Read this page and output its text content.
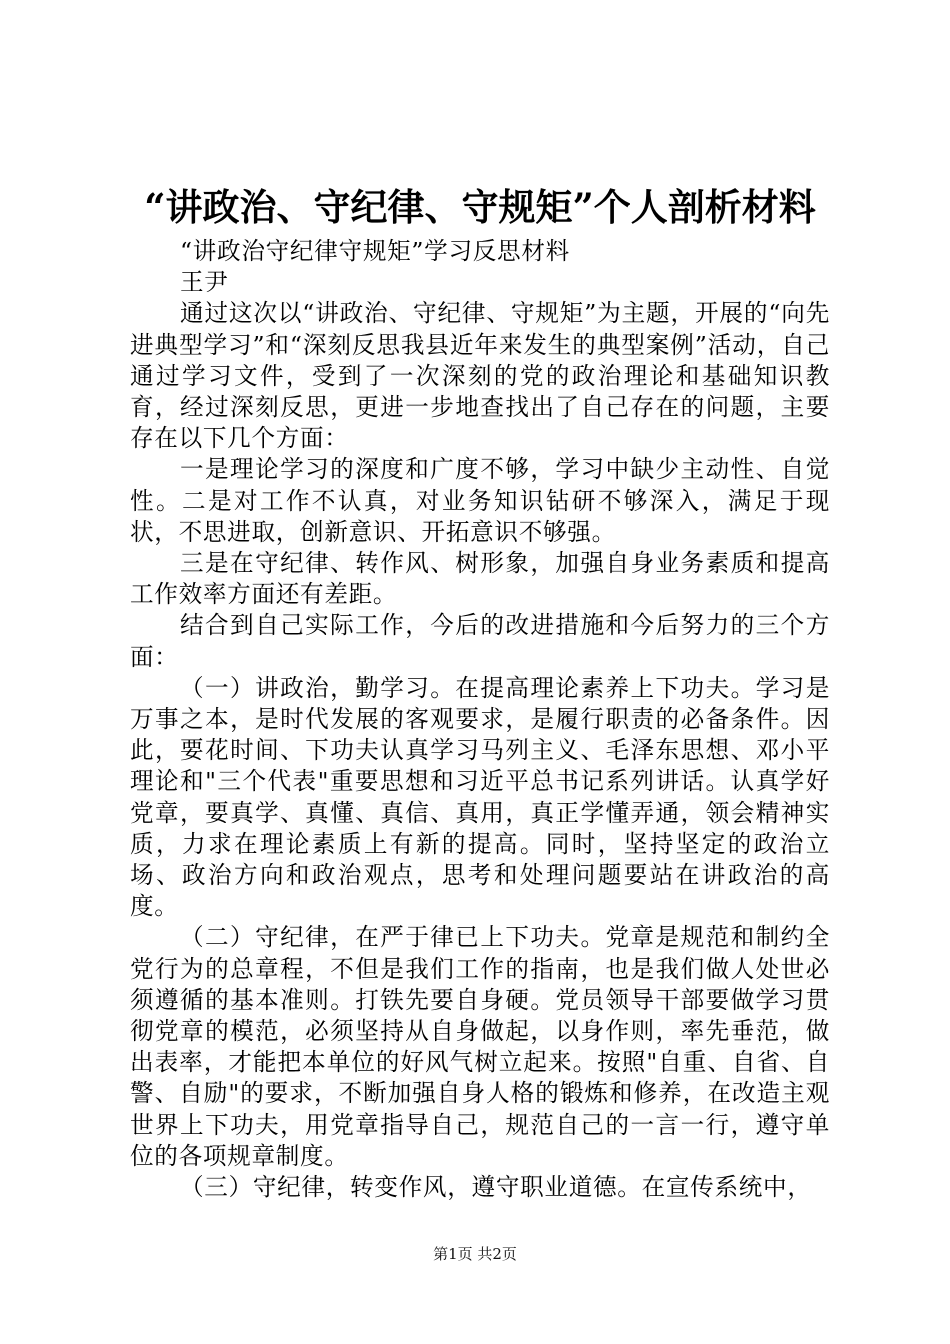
“讲政治、守纪律、守规矩”个人剖析材料

“讲政治守纪律守规矩”学习反思材料

王尹

通过这次以“讲政治、守纪律、守规矩”为主题，开展的“向先进典型学习”和“深刻反思我县近年来发生的典型案例”活动，自己通过学习文件，受到了一次深刻的党的政治理论和基础知识教育，经过深刻反思，更进一步地查找出了自己存在的问题，主要存在以下几个方面：

一是理论学习的深度和广度不够，学习中缺少主动性、自觉性。二是对工作不认真，对业务知识钻研不够深入，满足于现状，不思进取，创新意识、开拓意识不够强。

三是在守纪律、转作风、树形象，加强自身业务素质和提高工作效率方面还有差距。

结合到自己实际工作，今后的改进措施和今后努力的三个方面：

（一）讲政治，勤学习。在提高理论素养上下功夫。学习是万事之本，是时代发展的客观要求，是履行职责的必备条件。因此，要花时间、下功夫认真学习马列主义、毛泽东思想、邓小平理论和"三个代表"重要思想和习近平总书记系列讲话。认真学好党章，要真学、真懂、真信、真用，真正学懂弄通，领会精神实质，力求在理论素质上有新的提高。同时，坚持坚定的政治立场、政治方向和政治观点，思考和处理问题要站在讲政治的高度。

（二）守纪律，在严于律已上下功夫。党章是规范和制约全党行为的总章程，不但是我们工作的指南，也是我们做人处世必须遵循的基本准则。打铁先要自身硬。党员领导干部要做学习贯彻党章的模范，必须坚持从自身做起，以身作则，率先垂范，做出表率，才能把本单位的好风气树立起来。按照"自重、自省、自警、自励"的要求，不断加强自身人格的锻炼和修养，在改造主观世界上下功夫，用党章指导自己，规范自己的一言一行，遵守单位的各项规章制度。

（三）守纪律，转变作风，遵守职业道德。在宣传系统中，

第1页 共2页
